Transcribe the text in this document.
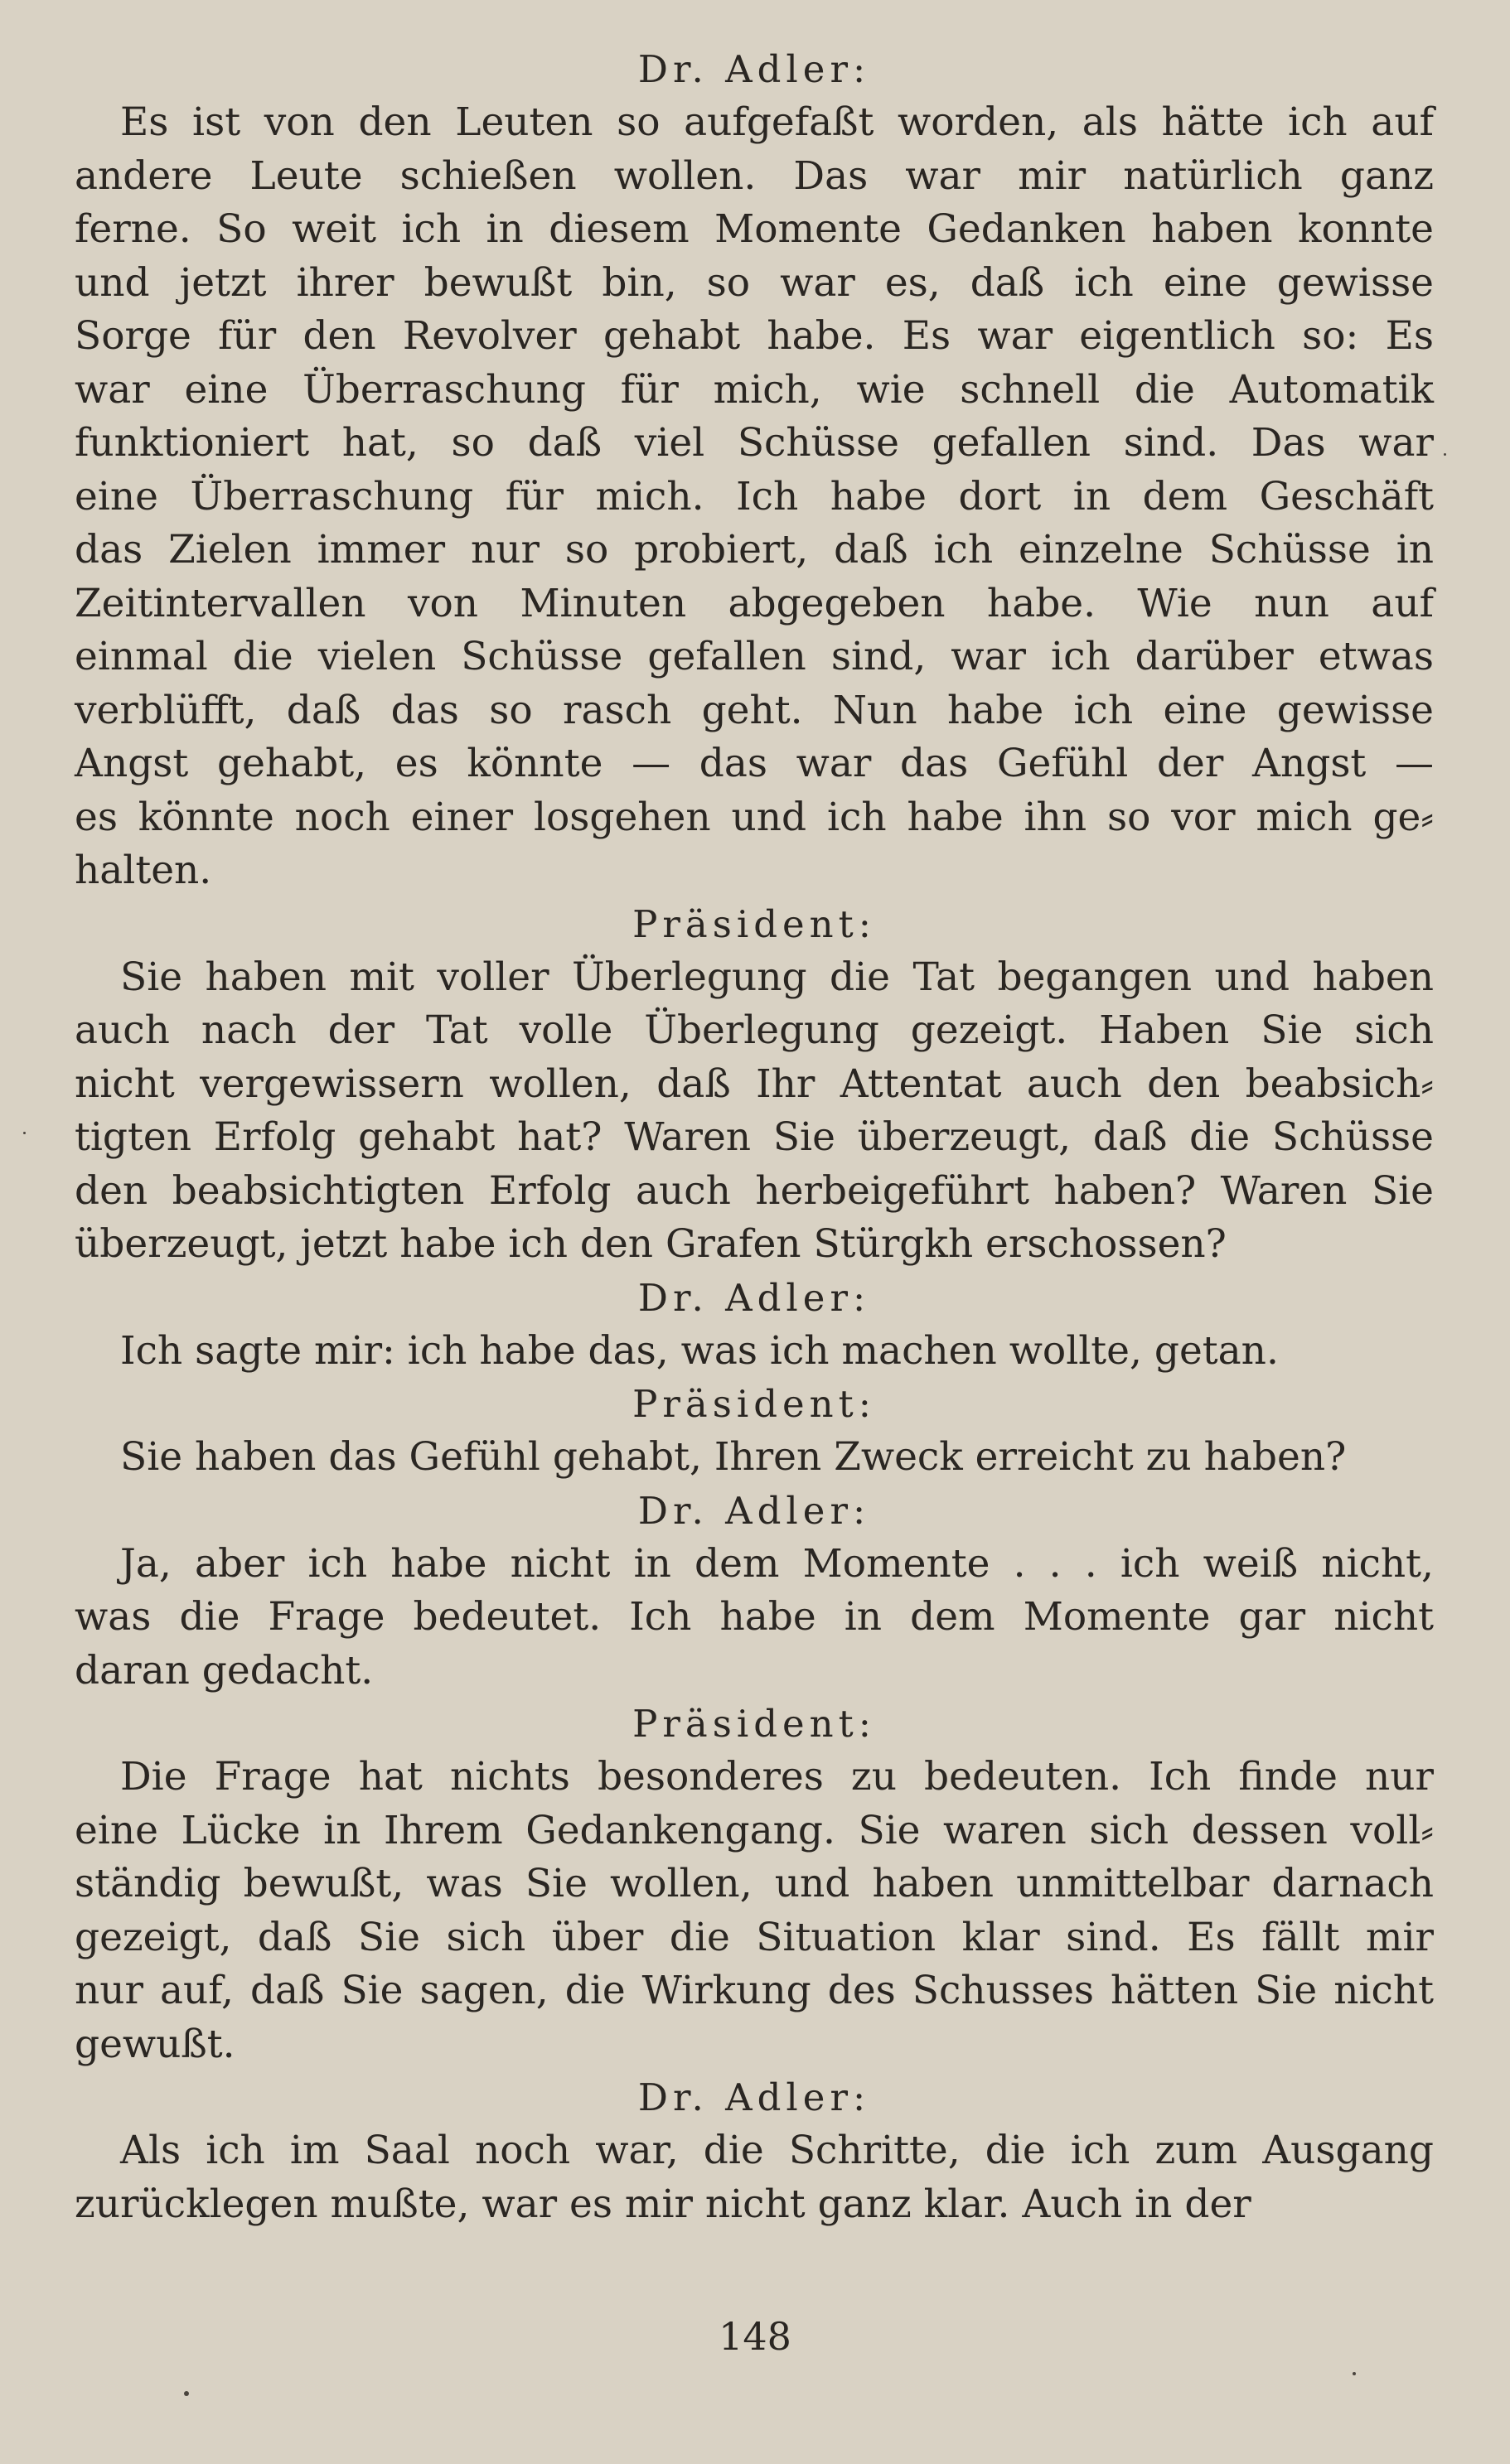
Dr. Adler:
Es ist von den Leuten so aufgefaßt worden, als hätte ich auf
andere Leute schießen wollen. Das war mir natürlich ganz
ferne. So weit ich in diesem Momente Gedanken haben konnte
und jetzt ihrer bewußt bin, so war es, daß ich eine gewisse
Sorge für den Revolver gehabt habe. Es war eigentlich so: Es
war eine Überraschung für mich, wie schnell die Automatik
funktioniert hat, so daß viel Schüsse gefallen sind. Das war
eine Überraschung für mich. Ich habe dort in dem Geschäft
das Zielen immer nur so probiert, daß ich einzelne Schüsse in
Zeitintervallen von Minuten abgegeben habe. Wie nun auf
einmal die vielen Schüsse gefallen sind, war ich darüber etwas
verblüfft, daß das so rasch geht. Nun habe ich eine gewisse
Angst gehabt, es könnte — das war das Gefühl der Angst —
es könnte noch einer losgehen und ich habe ihn so vor mich ge⸗
halten.
Präsident:
Sie haben mit voller Überlegung die Tat begangen und haben
auch nach der Tat volle Überlegung gezeigt. Haben Sie sich
nicht vergewissern wollen, daß Ihr Attentat auch den beabsich⸗
tigten Erfolg gehabt hat? Waren Sie überzeugt, daß die Schüsse
den beabsichtigten Erfolg auch herbeigeführt haben? Waren Sie
überzeugt, jetzt habe ich den Grafen Stürgkh erschossen?
Dr. Adler:
Ich sagte mir: ich habe das, was ich machen wollte, getan.
Präsident:
Sie haben das Gefühl gehabt, Ihren Zweck erreicht zu haben?
Dr. Adler:
Ja, aber ich habe nicht in dem Momente . . . ich weiß nicht,
was die Frage bedeutet. Ich habe in dem Momente gar nicht
daran gedacht.
Präsident:
Die Frage hat nichts besonderes zu bedeuten. Ich finde nur
eine Lücke in Ihrem Gedankengang. Sie waren sich dessen voll⸗
ständig bewußt, was Sie wollen, und haben unmittelbar darnach
gezeigt, daß Sie sich über die Situation klar sind. Es fällt mir
nur auf, daß Sie sagen, die Wirkung des Schusses hätten Sie nicht
gewußt.
Dr. Adler:
Als ich im Saal noch war, die Schritte, die ich zum Ausgang
zurücklegen mußte, war es mir nicht ganz klar. Auch in der
148
